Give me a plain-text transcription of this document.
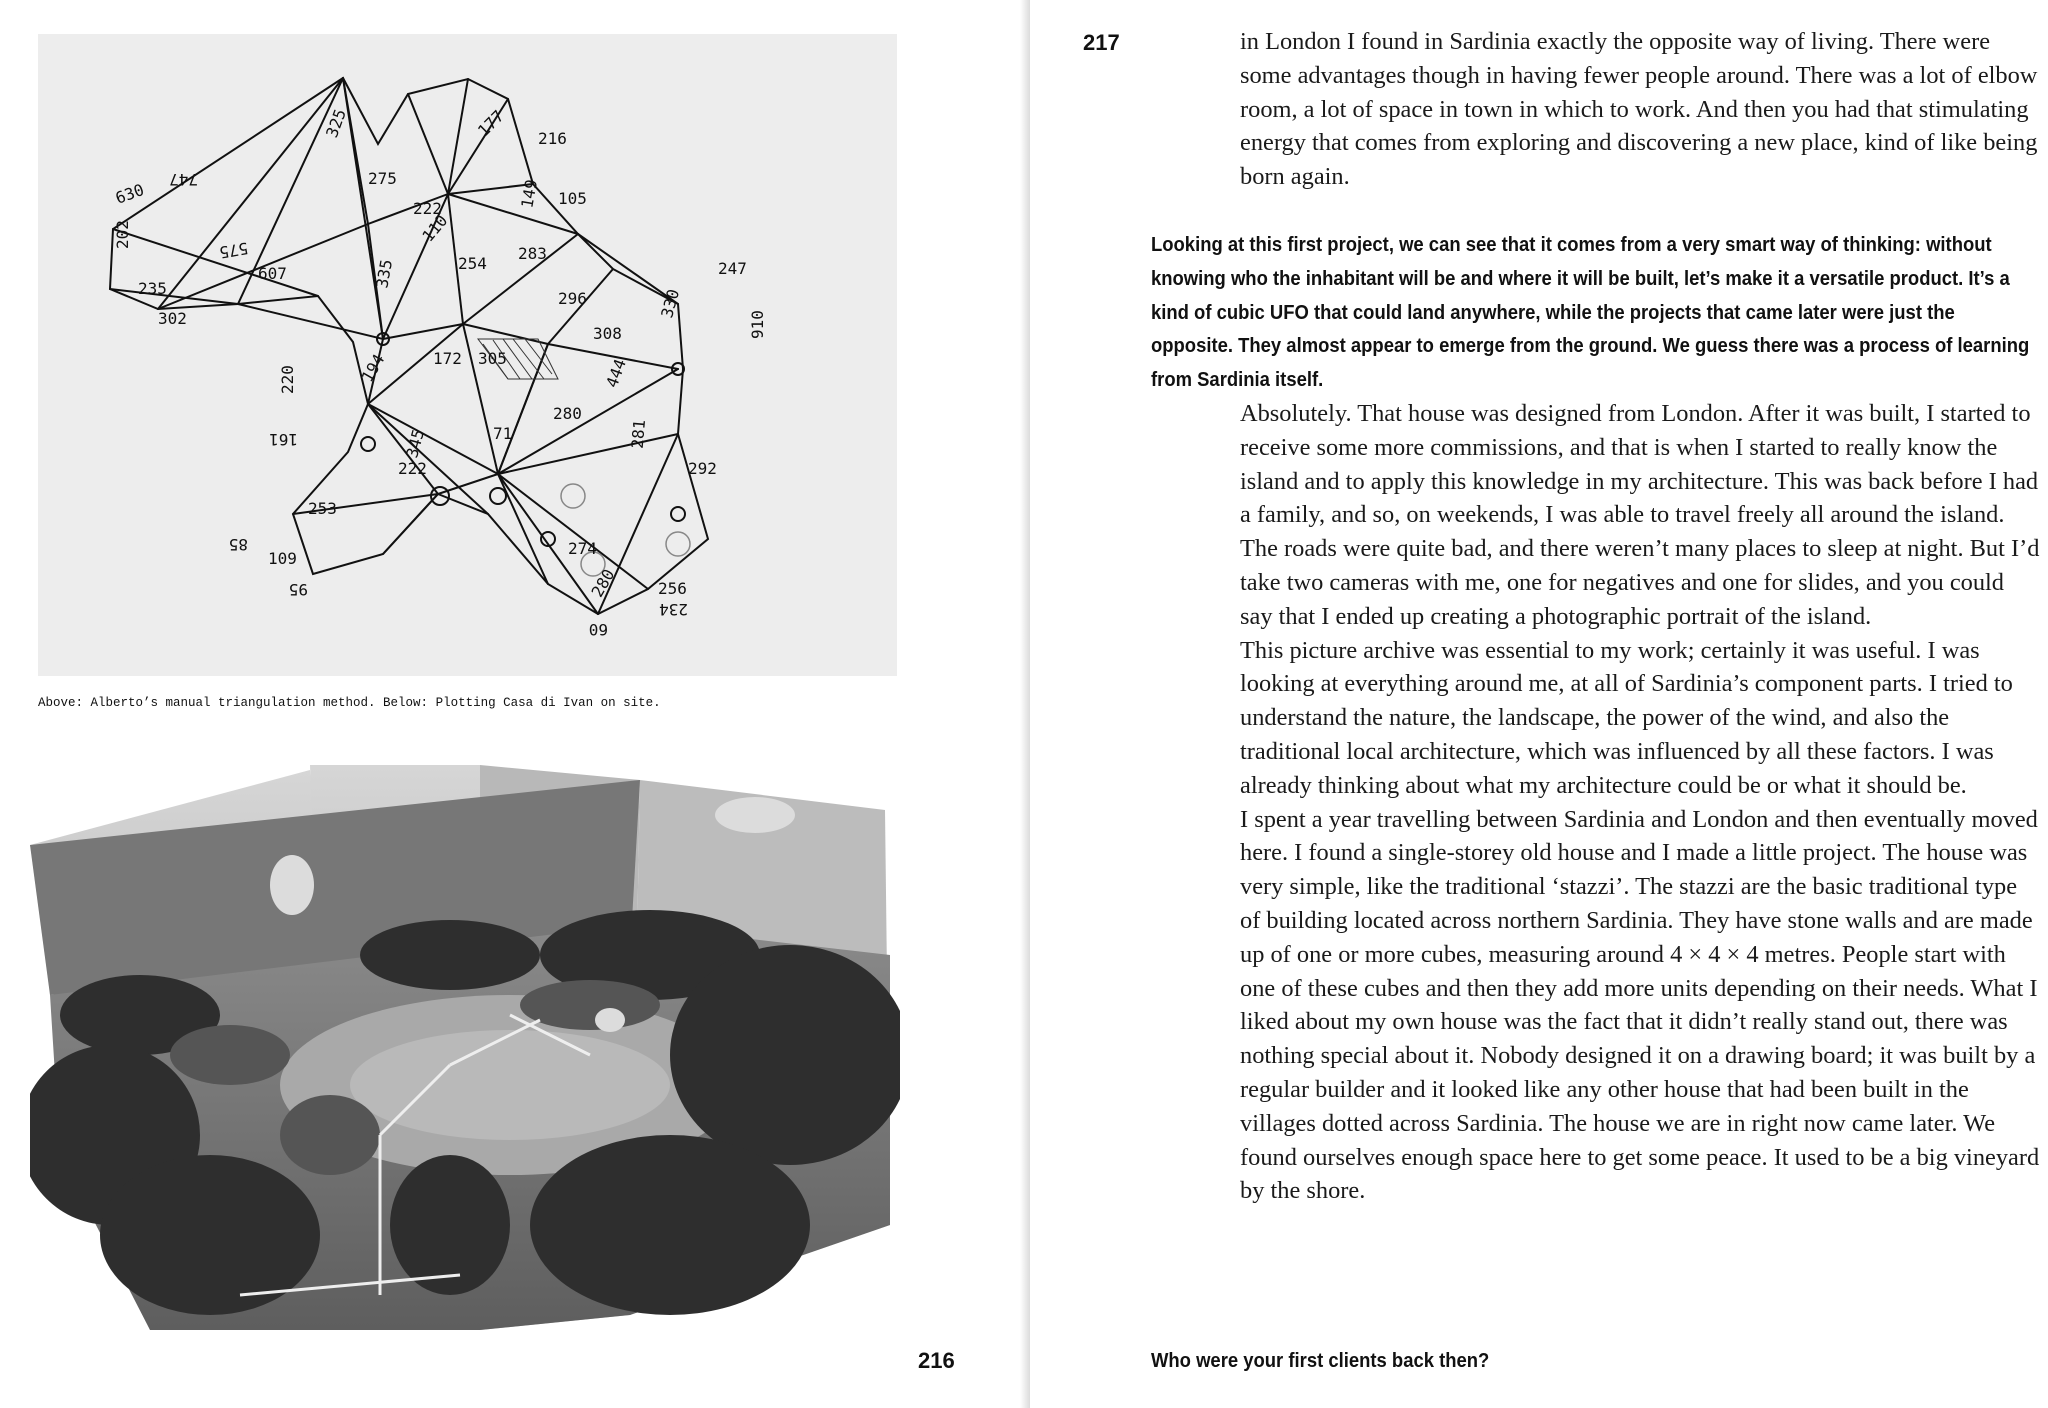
747
630
575
607
235
325
275
222
254
283
296
308
444
177 216
105
247
330
281
292
194	172 305
345
253
222
274
256
280
234
85
109
95
149
220
161
335
280
71
60
910
202
302
110
Above: Alberto’s manual triangulation method. Below: Plotting Casa di Ivan on site.
216
217	in London I found in Sardinia exactly the opposite way of living. There were some advantages though in having fewer people around. There was a lot of elbow room, a lot of space in town in which to work. And then you had that stimulating energy that comes from exploring and discovering a new place, kind of like being born again.

Looking at this first project, we can see that it comes from a very smart way of thinking: without knowing who the inhabitant will be and where it will be built, let’s make it a versatile product. It’s a kind of cubic UFO that could land anywhere, while the projects that came later were just the opposite. They almost appear to emerge from the ground. We guess there was a process of learning from Sardinia itself.

Absolutely. That house was designed from London. After it was built, I started to receive some more commissions, and that is when I started to really know the island and to apply this knowledge in my architecture. This was back before I had a family, and so, on weekends, I was able to travel freely all around the island. The roads were quite bad, and there weren’t many places to sleep at night. But I’d take two cameras with me, one for negatives and one for slides, and you could say that I ended up creating a photographic portrait of the island.

This picture archive was essential to my work; certainly it was useful. I was looking at everything around me, at all of Sardinia’s component parts. I tried to understand the nature, the landscape, the power of the wind, and also the traditional local architecture, which was influenced by all these factors. I was already thinking about what my architecture could be or what it should be.

I spent a year travelling between Sardinia and London and then eventually moved here. I found a single-storey old house and I made a little project. The house was very simple, like the traditional ‘stazzi’. The stazzi are the basic traditional type of building located across northern Sardinia. They have stone walls and are made up of one or more cubes, measuring around 4 × 4 × 4 metres. People start with one of these cubes and then they add more units depending on their needs. What I liked about my own house was the fact that it didn’t really stand out, there was nothing special about it. Nobody designed it on a drawing board; it was built by a regular builder and it looked like any other house that had been built in the villages dotted across Sardinia. The house we are in right now came later. We found ourselves enough space here to get some peace. It used to be a big vineyard by the shore.

Who were your first clients back then?
